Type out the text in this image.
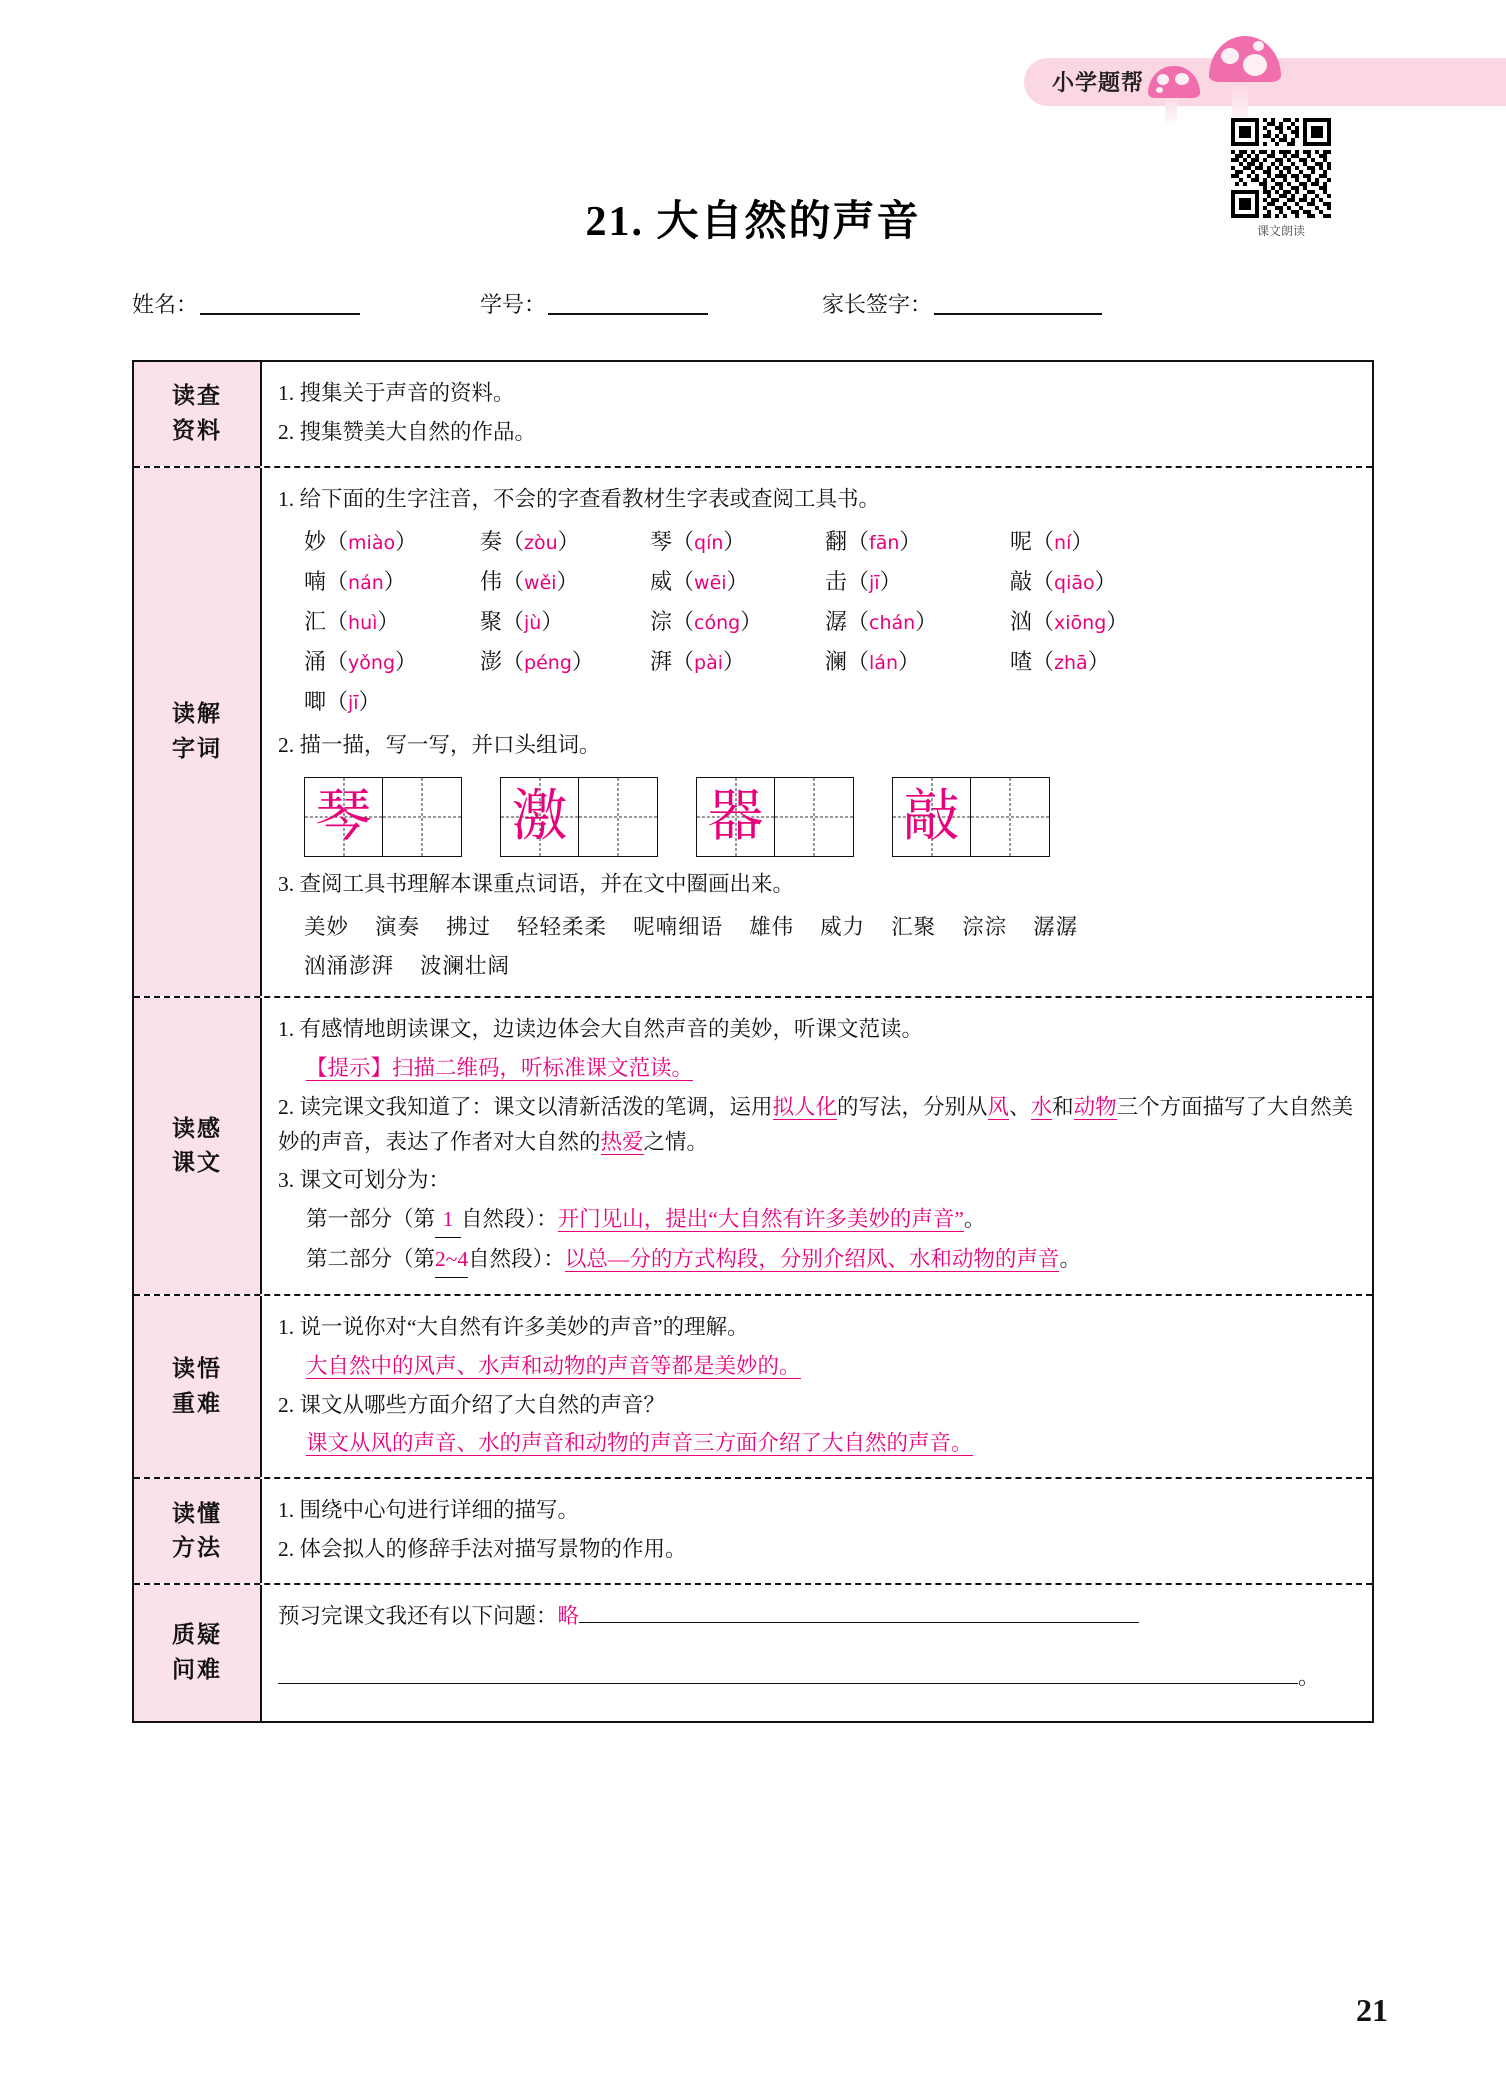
小学题帮
课文朗读
21. 大自然的声音
姓名：	学号：	家长签字：
读查
资料
1. 搜集关于声音的资料。
2. 搜集赞美大自然的作品。
读解
字词
1. 给下面的生字注音，不会的字查看教材生字表或查阅工具书。
妙（miào）	奏（zòu）	琴（qín）	翻（fān）	呢（ní）
喃（nán）	伟（wěi）	威（wēi）	击（jī）	敲（qiāo）
汇（huì）	聚（jù）	淙（cóng）	潺（chán）	汹（xiōng）
涌（yǒng）	澎（péng）	湃（pài）	澜（lán）	喳（zhā）
唧（jī）
2. 描一描，写一写，并口头组词。
琴	激	器	敲
3. 查阅工具书理解本课重点词语，并在文中圈画出来。
美妙 演奏 拂过 轻轻柔柔 呢喃细语 雄伟 威力 汇聚 淙淙 潺潺
汹涌澎湃 波澜壮阔
读感
课文
1. 有感情地朗读课文，边读边体会大自然声音的美妙，听课文范读。
【提示】扫描二维码，听标准课文范读。
2. 读完课文我知道了：课文以清新活泼的笔调，运用拟人化的写法，分别从风、水和动物三个方面描写了大自然美妙的声音，表达了作者对大自然的热爱之情。
3. 课文可划分为：
第一部分（第 1 自然段）：开门见山，提出“大自然有许多美妙的声音”。
第二部分（第2~4自然段）：以总—分的方式构段，分别介绍风、水和动物的声音。
读悟
重难
1. 说一说你对“大自然有许多美妙的声音”的理解。
大自然中的风声、水声和动物的声音等都是美妙的。
2. 课文从哪些方面介绍了大自然的声音？
课文从风的声音、水的声音和动物的声音三方面介绍了大自然的声音。
读懂
方法
1. 围绕中心句进行详细的描写。
2. 体会拟人的修辞手法对描写景物的作用。
质疑
问难
预习完课文我还有以下问题：略
。
21
